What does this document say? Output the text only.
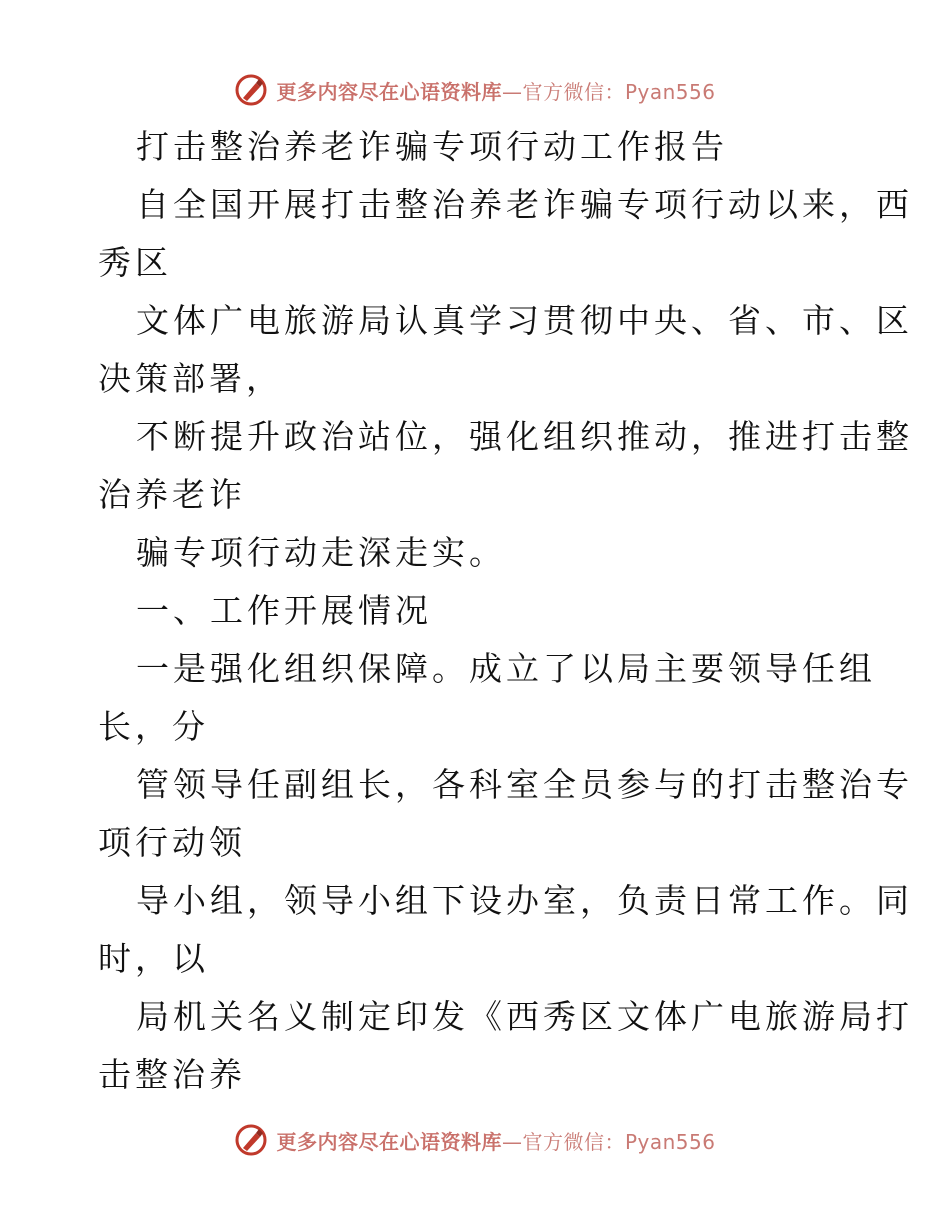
更多内容尽在心语资料库—官方微信：Pyan556
打击整治养老诈骗专项行动工作报告
自全国开展打击整治养老诈骗专项行动以来，西
秀区
文体广电旅游局认真学习贯彻中央、省、市、区
决策部署，
不断提升政治站位，强化组织推动，推进打击整
治养老诈
骗专项行动走深走实。
一、工作开展情况
一是强化组织保障。成立了以局主要领导任组
长，分
管领导任副组长，各科室全员参与的打击整治专
项行动领
导小组，领导小组下设办室，负责日常工作。同
时，以
局机关名义制定印发《西秀区文体广电旅游局打
击整治养
更多内容尽在心语资料库—官方微信：Pyan556
